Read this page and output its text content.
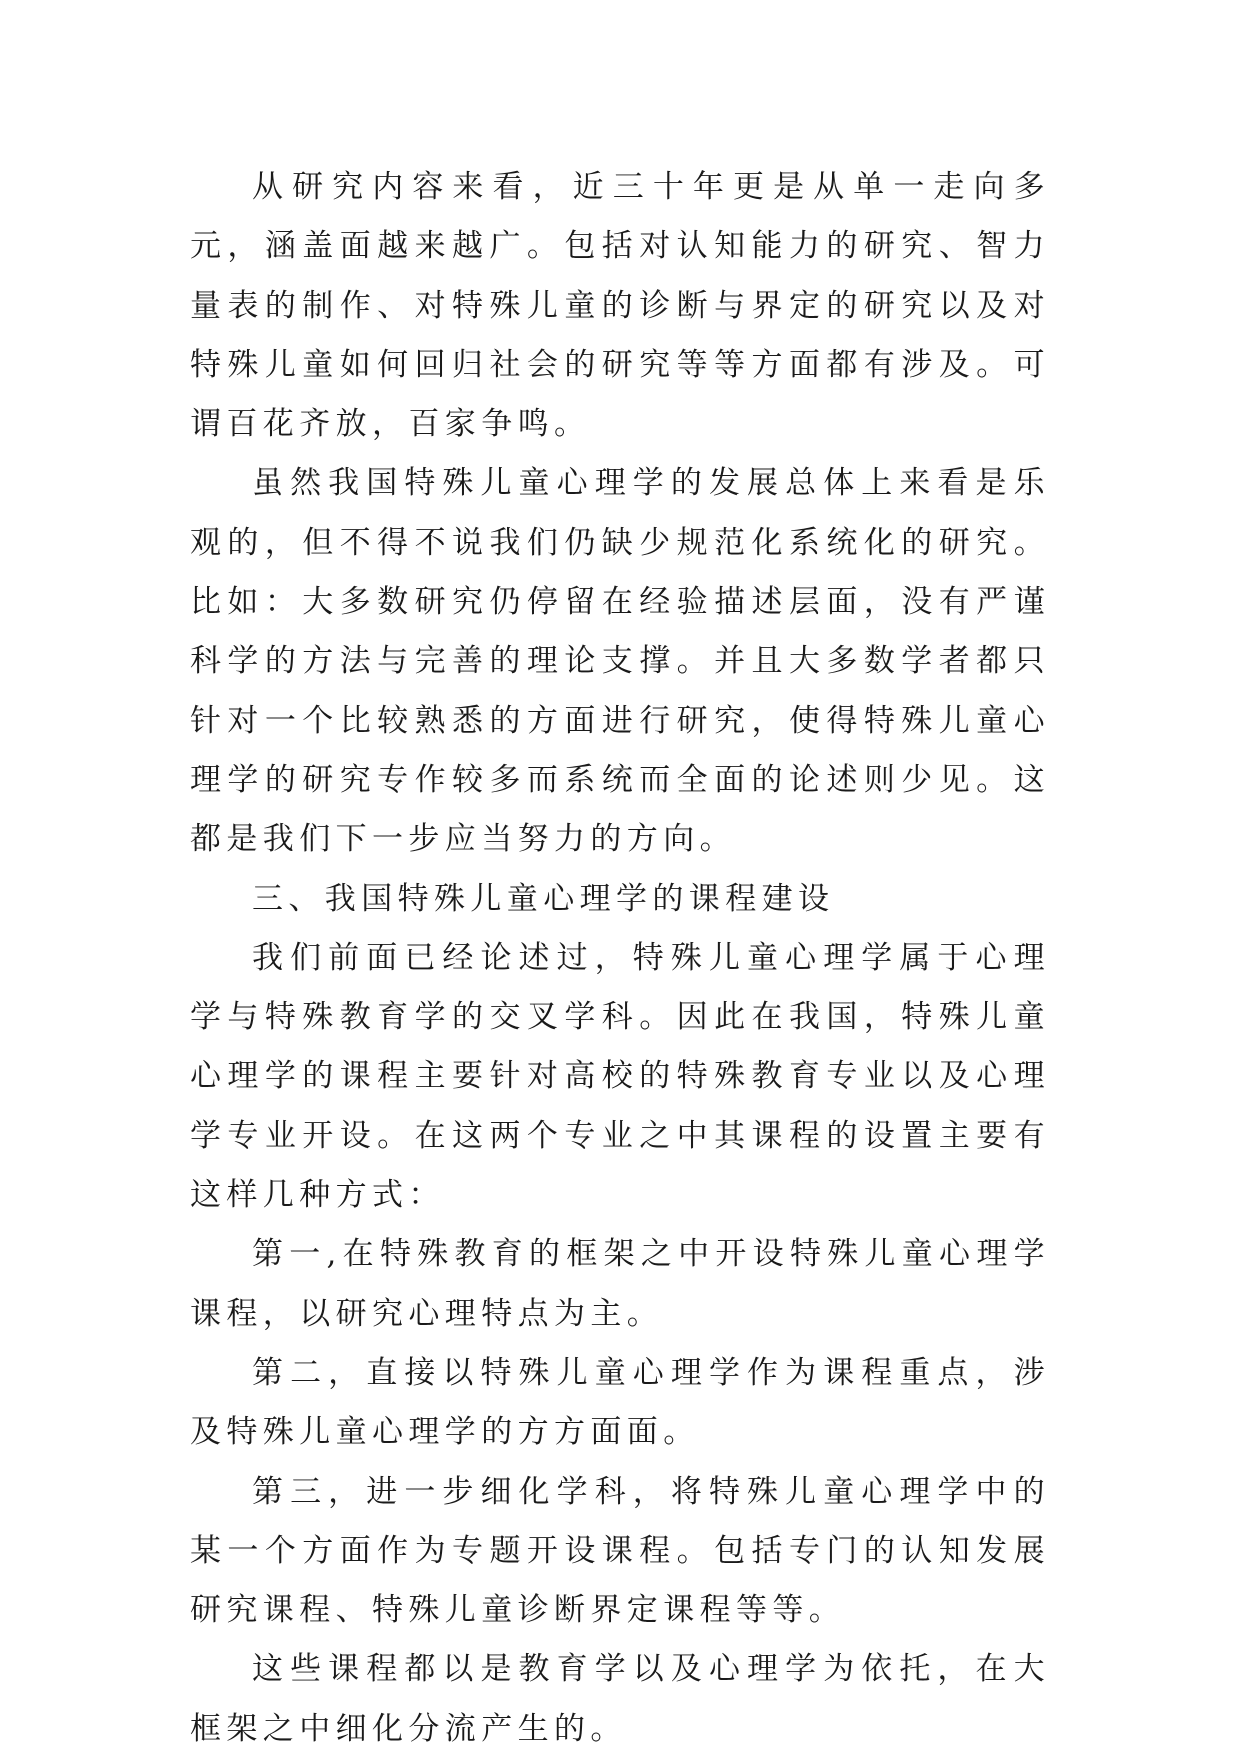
从研究内容来看，近三十年更是从单一走向多元，涵盖面越来越广。包括对认知能力的研究、智力量表的制作、对特殊儿童的诊断与界定的研究以及对特殊儿童如何回归社会的研究等等方面都有涉及。可谓百花齐放，百家争鸣。

虽然我国特殊儿童心理学的发展总体上来看是乐观的，但不得不说我们仍缺少规范化系统化的研究。比如：大多数研究仍停留在经验描述层面，没有严谨科学的方法与完善的理论支撑。并且大多数学者都只针对一个比较熟悉的方面进行研究，使得特殊儿童心理学的研究专作较多而系统而全面的论述则少见。这都是我们下一步应当努力的方向。

三、我国特殊儿童心理学的课程建设

我们前面已经论述过，特殊儿童心理学属于心理学与特殊教育学的交叉学科。因此在我国，特殊儿童心理学的课程主要针对高校的特殊教育专业以及心理学专业开设。在这两个专业之中其课程的设置主要有这样几种方式：

第一,在特殊教育的框架之中开设特殊儿童心理学课程，以研究心理特点为主。

第二，直接以特殊儿童心理学作为课程重点，涉及特殊儿童心理学的方方面面。

第三，进一步细化学科，将特殊儿童心理学中的某一个方面作为专题开设课程。包括专门的认知发展研究课程、特殊儿童诊断界定课程等等。

这些课程都以是教育学以及心理学为依托，在大框架之中细化分流产生的。
